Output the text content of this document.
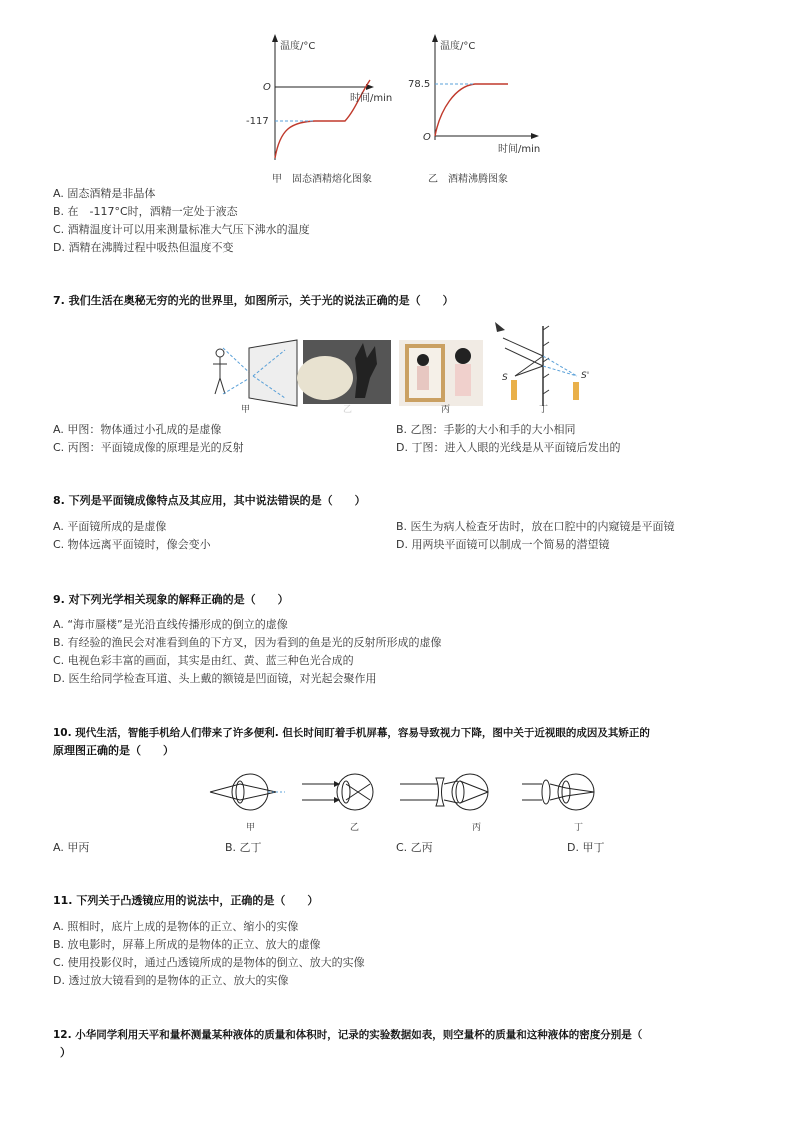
温度/°C
时间/min
O
-117
温度/°C
时间/min
O
78.5
甲　固态酒精熔化图象	乙　酒精沸腾图象
A. 固态酒精是非晶体
B. 在　-117°C时，酒精一定处于液态
C. 酒精温度计可以用来测量标准大气压下沸水的温度
D. 酒精在沸腾过程中吸热但温度不变
7. 我们生活在奥秘无穷的光的世界里，如图所示，关于光的说法正确的是（　　）
甲	乙	丙
S	S'
丁
A. 甲图：物体通过小孔成的是虚像	B. 乙图：手影的大小和手的大小相同
C. 丙图：平面镜成像的原理是光的反射	D. 丁图：进入人眼的光线是从平面镜后发出的
8. 下列是平面镜成像特点及其应用，其中说法错误的是（　　）
A. 平面镜所成的是虚像	B. 医生为病人检查牙齿时，放在口腔中的内窥镜是平面镜
C. 物体远离平面镜时，像会变小	D. 用两块平面镜可以制成一个简易的潜望镜
9. 对下列光学相关现象的解释正确的是（　　）
A. “海市蜃楼”是光沿直线传播形成的倒立的虚像
B. 有经验的渔民会对准看到鱼的下方叉，因为看到的鱼是光的反射所形成的虚像
C. 电视色彩丰富的画面，其实是由红、黄、蓝三种色光合成的
D. 医生给同学检查耳道、头上戴的额镜是凹面镜，对光起会聚作用
10. 现代生活，智能手机给人们带来了许多便利. 但长时间盯着手机屏幕，容易导致视力下降，图中关于近视眼的成因及其矫正的
原理图正确的是（　　）
甲	乙	丙	丁
A. 甲丙	B. 乙丁	C. 乙丙	D. 甲丁
11. 下列关于凸透镜应用的说法中，正确的是（　　）
A. 照相时，底片上成的是物体的正立、缩小的实像
B. 放电影时，屏幕上所成的是物体的正立、放大的虚像
C. 使用投影仪时，通过凸透镜所成的是物体的倒立、放大的实像
D. 透过放大镜看到的是物体的正立、放大的实像
12. 小华同学利用天平和量杯测量某种液体的质量和体积时，记录的实验数据如表，则空量杯的质量和这种液体的密度分别是（
）
